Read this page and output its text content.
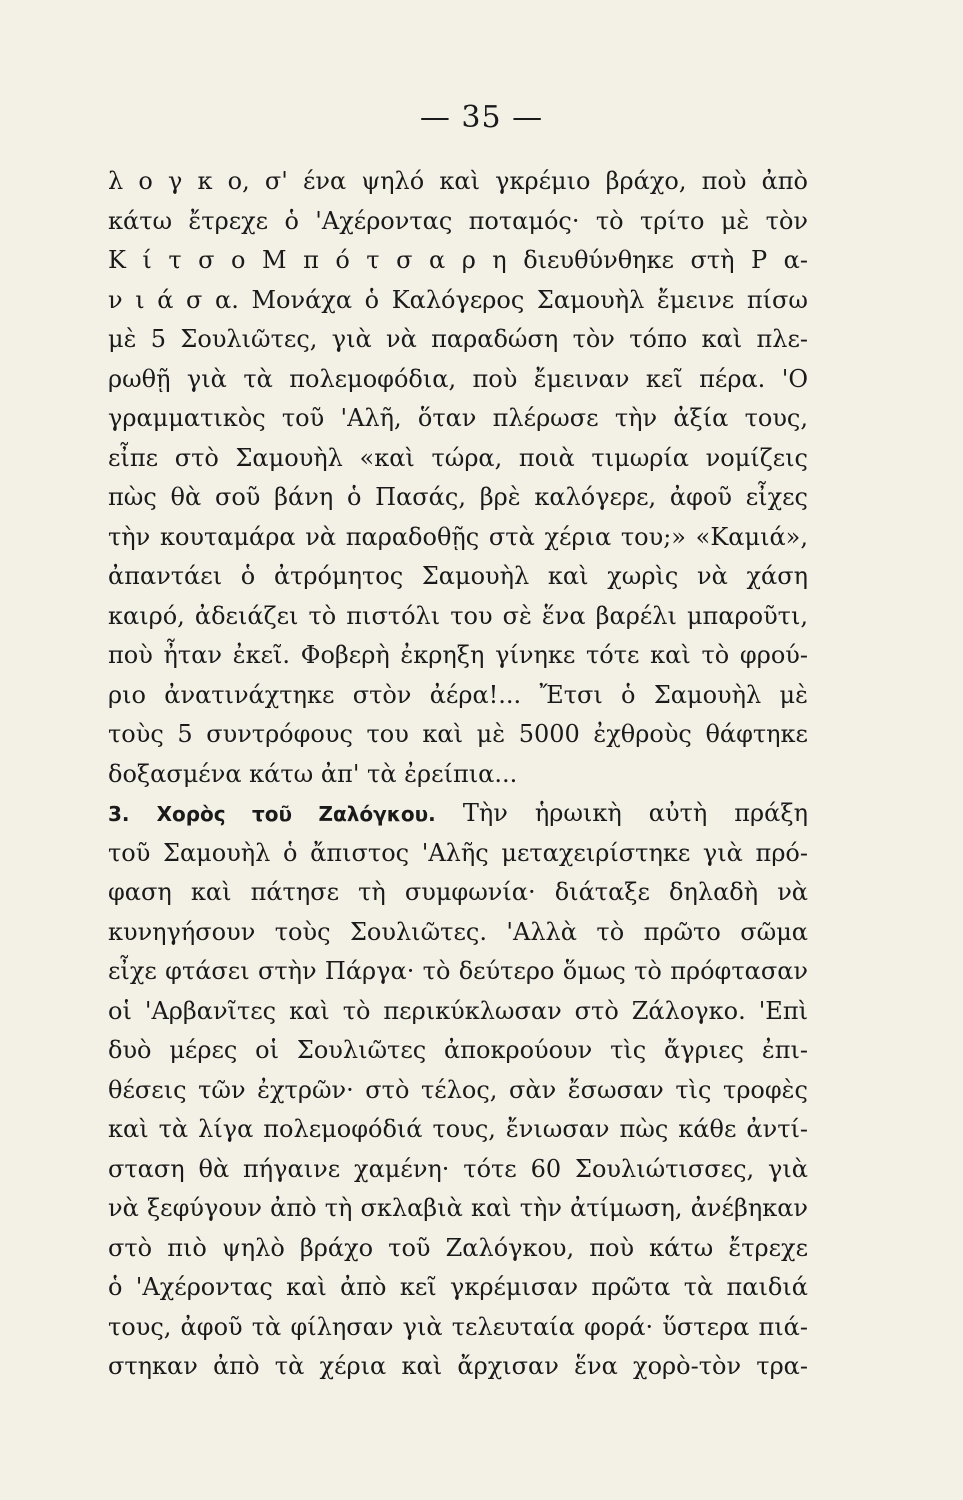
— 35 —
λ ο γ κ ο, σ' ένα ψηλό καὶ γκρέμιο βράχο, ποὺ ἀπὸ
κάτω ἔτρεχε ὁ 'Αχέροντας ποταμός· τὸ τρίτο μὲ τὸν
Κ ί τ σ ο Μ π ό τ σ α ρ η διευθύνθηκε στὴ Ρ α-
ν ι ά σ α. Μονάχα ὁ Καλόγερος Σαμουὴλ ἔμεινε πίσω
μὲ 5 Σουλιῶτες, γιὰ νὰ παραδώση τὸν τόπο καὶ πλε-
ρωθῇ γιὰ τὰ πολεμοφόδια, ποὺ ἔμειναν κεῖ πέρα. 'Ο
γραμματικὸς τοῦ 'Αλῆ, ὅταν πλέρωσε τὴν ἀξία τους,
εἶπε στὸ Σαμουὴλ «καὶ τώρα, ποιὰ τιμωρία νομίζεις
πὼς θὰ σοῦ βάνη ὁ Πασάς, βρὲ καλόγερε, ἀφοῦ εἶχες
τὴν κουταμάρα νὰ παραδοθῇς στὰ χέρια του;» «Καμιά»,
ἀπαντάει ὁ ἀτρόμητος Σαμουὴλ καὶ χωρὶς νὰ χάση
καιρό, ἀδειάζει τὸ πιστόλι του σὲ ἕνα βαρέλι μπαροῦτι,
ποὺ ἦταν ἐκεῖ. Φοβερὴ ἐκρηξη γίνηκε τότε καὶ τὸ φρού-
ριο ἀνατινάχτηκε στὸν ἀέρα!... Ἔτσι ὁ Σαμουὴλ μὲ
τοὺς 5 συντρόφους του καὶ μὲ 5000 ἐχθροὺς θάφτηκε
δοξασμένα κάτω ἀπ' τὰ ἐρείπια...
3. Χορὸς τοῦ Ζαλόγκου. Τὴν ἡρωικὴ αὐτὴ πράξη
τοῦ Σαμουὴλ ὁ ἄπιστος 'Αλῆς μεταχειρίστηκε γιὰ πρό-
φαση καὶ πάτησε τὴ συμφωνία· διάταξε δηλαδὴ νὰ
κυνηγήσουν τοὺς Σουλιῶτες. 'Αλλὰ τὸ πρῶτο σῶμα
εἶχε φτάσει στὴν Πάργα· τὸ δεύτερο ὅμως τὸ πρόφτασαν
οἱ 'Αρβανῖτες καὶ τὸ περικύκλωσαν στὸ Ζάλογκο. 'Επὶ
δυὸ μέρες οἱ Σουλιῶτες ἀποκρούουν τὶς ἄγριες ἐπι-
θέσεις τῶν ἐχτρῶν· στὸ τέλος, σὰν ἔσωσαν τὶς τροφὲς
καὶ τὰ λίγα πολεμοφόδιά τους, ἔνιωσαν πὼς κάθε ἀντί-
σταση θὰ πήγαινε χαμένη· τότε 60 Σουλιώτισσες, γιὰ
νὰ ξεφύγουν ἀπὸ τὴ σκλαβιὰ καὶ τὴν ἀτίμωση, ἀνέβηκαν
στὸ πιὸ ψηλὸ βράχο τοῦ Ζαλόγκου, ποὺ κάτω ἔτρεχε
ὁ 'Αχέροντας καὶ ἀπὸ κεῖ γκρέμισαν πρῶτα τὰ παιδιά
τους, ἀφοῦ τὰ φίλησαν γιὰ τελευταία φορά· ὕστερα πιά-
στηκαν ἀπὸ τὰ χέρια καὶ ἄρχισαν ἕνα χορὸ-τὸν τρα-
